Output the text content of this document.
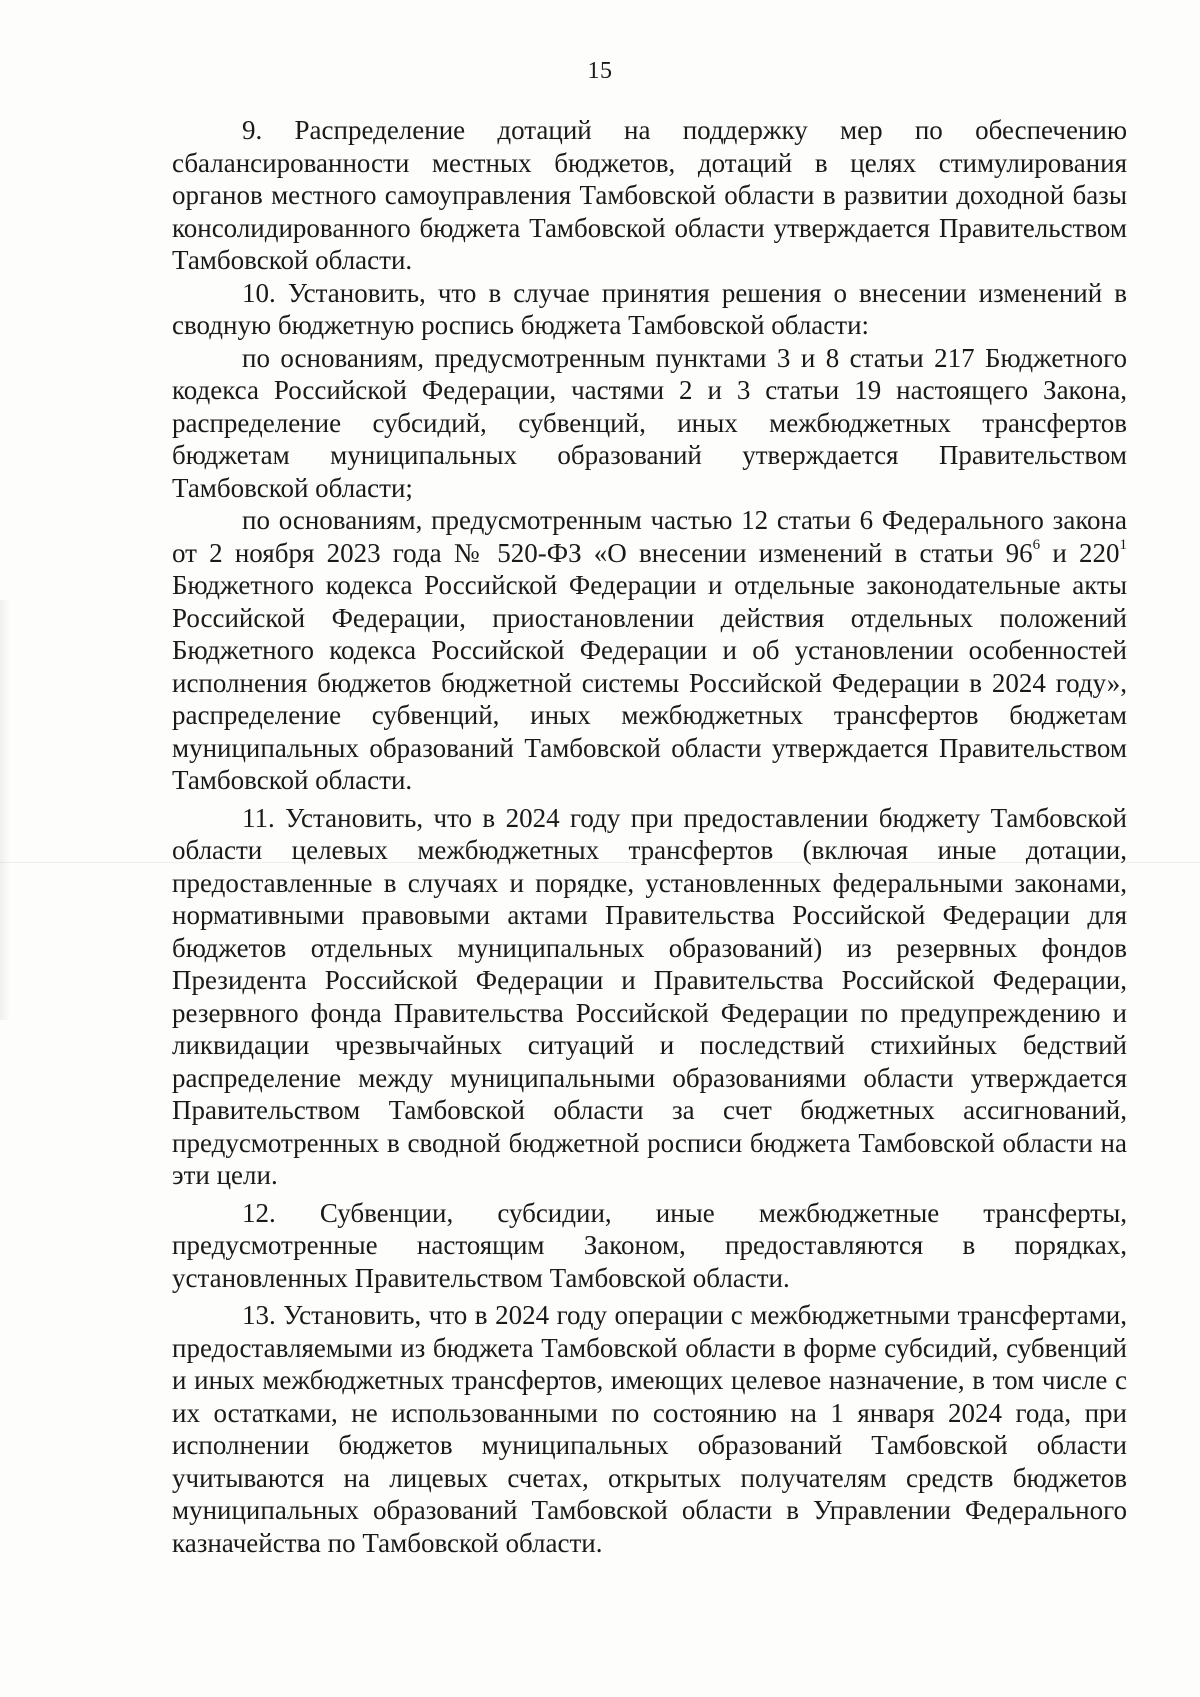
15

9. Распределение дотаций на поддержку мер по обеспечению сбалансированности местных бюджетов, дотаций в целях стимулирования органов местного самоуправления Тамбовской области в развитии доходной базы консолидированного бюджета Тамбовской области утверждается Правительством Тамбовской области.

10. Установить, что в случае принятия решения о внесении изменений в сводную бюджетную роспись бюджета Тамбовской области:

по основаниям, предусмотренным пунктами 3 и 8 статьи 217 Бюджетного кодекса Российской Федерации, частями 2 и 3 статьи 19 настоящего Закона, распределение субсидий, субвенций, иных межбюджетных трансфертов бюджетам муниципальных образований утверждается Правительством Тамбовской области;

по основаниям, предусмотренным частью 12 статьи 6 Федерального закона от 2 ноября 2023 года № 520-ФЗ «О внесении изменений в статьи $96^6$ и $220^1$ Бюджетного кодекса Российской Федерации и отдельные законодательные акты Российской Федерации, приостановлении действия отдельных положений Бюджетного кодекса Российской Федерации и об установлении особенностей исполнения бюджетов бюджетной системы Российской Федерации в 2024 году», распределение субвенций, иных межбюджетных трансфертов бюджетам муниципальных образований Тамбовской области утверждается Правительством Тамбовской области.

11. Установить, что в 2024 году при предоставлении бюджету Тамбовской области целевых межбюджетных трансфертов (включая иные дотации, предоставленные в случаях и порядке, установленных федеральными законами, нормативными правовыми актами Правительства Российской Федерации для бюджетов отдельных муниципальных образований) из резервных фондов Президента Российской Федерации и Правительства Российской Федерации, резервного фонда Правительства Российской Федерации по предупреждению и ликвидации чрезвычайных ситуаций и последствий стихийных бедствий распределение между муниципальными образованиями области утверждается Правительством Тамбовской области за счет бюджетных ассигнований, предусмотренных в сводной бюджетной росписи бюджета Тамбовской области на эти цели.

12. Субвенции, субсидии, иные межбюджетные трансферты, предусмотренные настоящим Законом, предоставляются в порядках, установленных Правительством Тамбовской области.

13. Установить, что в 2024 году операции с межбюджетными трансфертами, предоставляемыми из бюджета Тамбовской области в форме субсидий, субвенций и иных межбюджетных трансфертов, имеющих целевое назначение, в том числе с их остатками, не использованными по состоянию на 1 января 2024 года, при исполнении бюджетов муниципальных образований Тамбовской области учитываются на лицевых счетах, открытых получателям средств бюджетов муниципальных образований Тамбовской области в Управлении Федерального казначейства по Тамбовской области.
